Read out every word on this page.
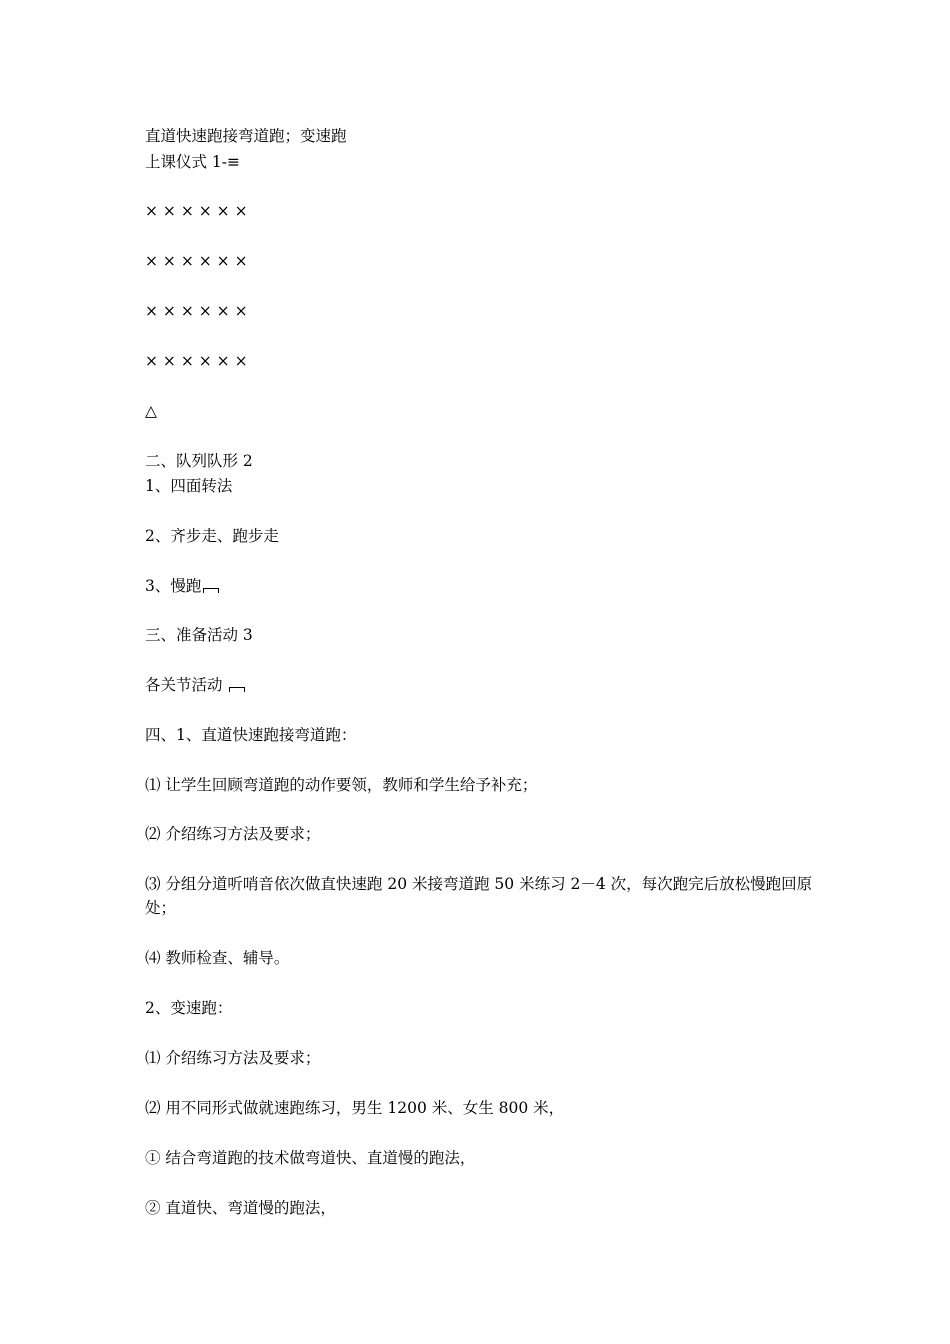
直道快速跑接弯道跑；变速跑
上课仪式 1-≡
× × × × × ×
× × × × × ×
× × × × × ×
× × × × × ×
△
二、队列队形 2
1、四面转法
2、齐步走、跑步走
3、慢跑
三、准备活动 3
各关节活动
四、1、直道快速跑接弯道跑：
⑴ 让学生回顾弯道跑的动作要领，教师和学生给予补充；
⑵ 介绍练习方法及要求；
⑶ 分组分道听哨音依次做直快速跑 20 米接弯道跑 50 米练习 2－4 次，每次跑完后放松慢跑回原处；
⑷ 教师检查、辅导。
2、变速跑：
⑴ 介绍练习方法及要求；
⑵ 用不同形式做就速跑练习，男生 1200 米、女生 800 米，
① 结合弯道跑的技术做弯道快、直道慢的跑法，
② 直道快、弯道慢的跑法，
